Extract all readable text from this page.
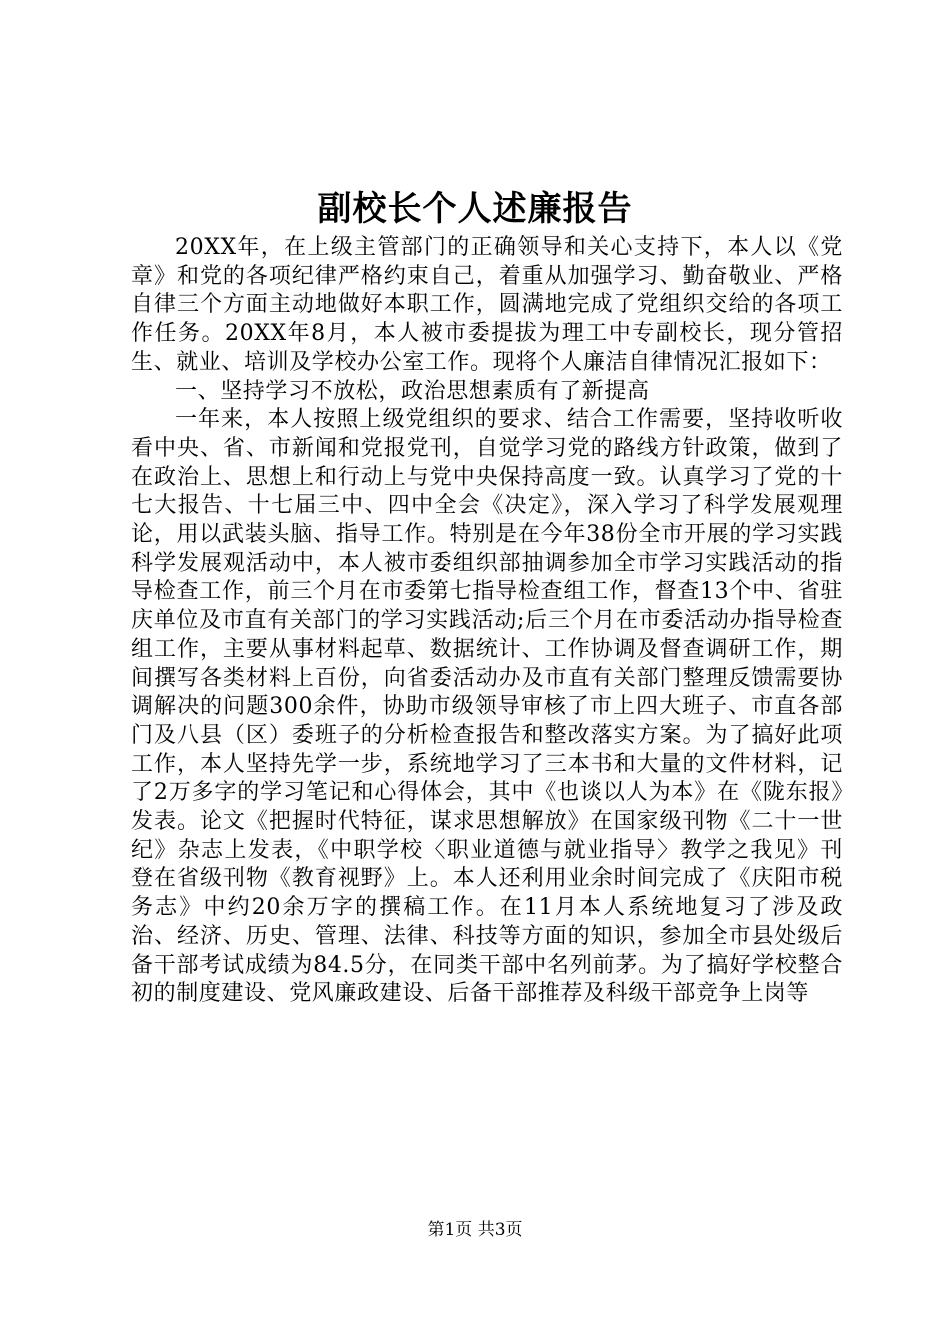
副校长个人述廉报告

20XX年，在上级主管部门的正确领导和关心支持下，本人以《党章》和党的各项纪律严格约束自己，着重从加强学习、勤奋敬业、严格自律三个方面主动地做好本职工作，圆满地完成了党组织交给的各项工作任务。20XX年8月，本人被市委提拔为理工中专副校长，现分管招生、就业、培训及学校办公室工作。现将个人廉洁自律情况汇报如下：

一、坚持学习不放松，政治思想素质有了新提高

一年来，本人按照上级党组织的要求、结合工作需要，坚持收听收看中央、省、市新闻和党报党刊，自觉学习党的路线方针政策，做到了在政治上、思想上和行动上与党中央保持高度一致。认真学习了党的十七大报告、十七届三中、四中全会《决定》，深入学习了科学发展观理论，用以武装头脑、指导工作。特别是在今年38份全市开展的学习实践科学发展观活动中，本人被市委组织部抽调参加全市学习实践活动的指导检查工作，前三个月在市委第七指导检查组工作，督查13个中、省驻庆单位及市直有关部门的学习实践活动;后三个月在市委活动办指导检查组工作，主要从事材料起草、数据统计、工作协调及督查调研工作，期间撰写各类材料上百份，向省委活动办及市直有关部门整理反馈需要协调解决的问题300余件，协助市级领导审核了市上四大班子、市直各部门及八县（区）委班子的分析检查报告和整改落实方案。为了搞好此项工作，本人坚持先学一步，系统地学习了三本书和大量的文件材料，记了2万多字的学习笔记和心得体会，其中《也谈以人为本》在《陇东报》发表。论文《把握时代特征，谋求思想解放》在国家级刊物《二十一世纪》杂志上发表，《中职学校〈职业道德与就业指导〉教学之我见》刊登在省级刊物《教育视野》上。本人还利用业余时间完成了《庆阳市税务志》中约20余万字的撰稿工作。在11月本人系统地复习了涉及政治、经济、历史、管理、法律、科技等方面的知识，参加全市县处级后备干部考试成绩为84.5分，在同类干部中名列前茅。为了搞好学校整合初的制度建设、党风廉政建设、后备干部推荐及科级干部竞争上岗等

第1页 共3页
